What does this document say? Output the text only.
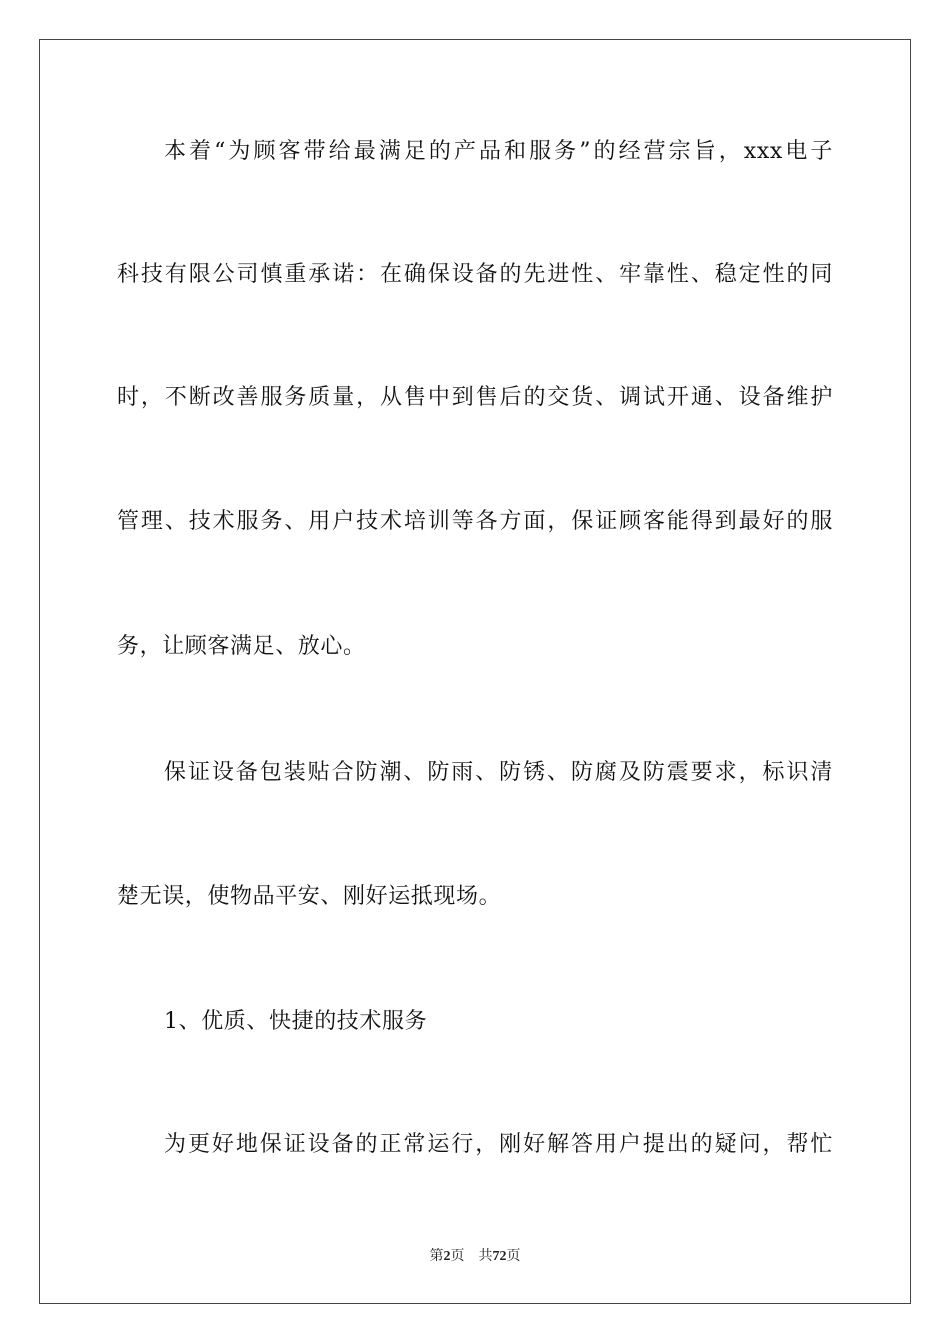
本着“为顾客带给最满足的产品和服务”的经营宗旨，xxx电子
科技有限公司慎重承诺：在确保设备的先进性、牢靠性、稳定性的同
时，不断改善服务质量，从售中到售后的交货、调试开通、设备维护
管理、技术服务、用户技术培训等各方面，保证顾客能得到最好的服
务，让顾客满足、放心。
保证设备包装贴合防潮、防雨、防锈、防腐及防震要求，标识清
楚无误，使物品平安、刚好运抵现场。
1、优质、快捷的技术服务
为更好地保证设备的正常运行，刚好解答用户提出的疑问，帮忙
第2页 共72页
